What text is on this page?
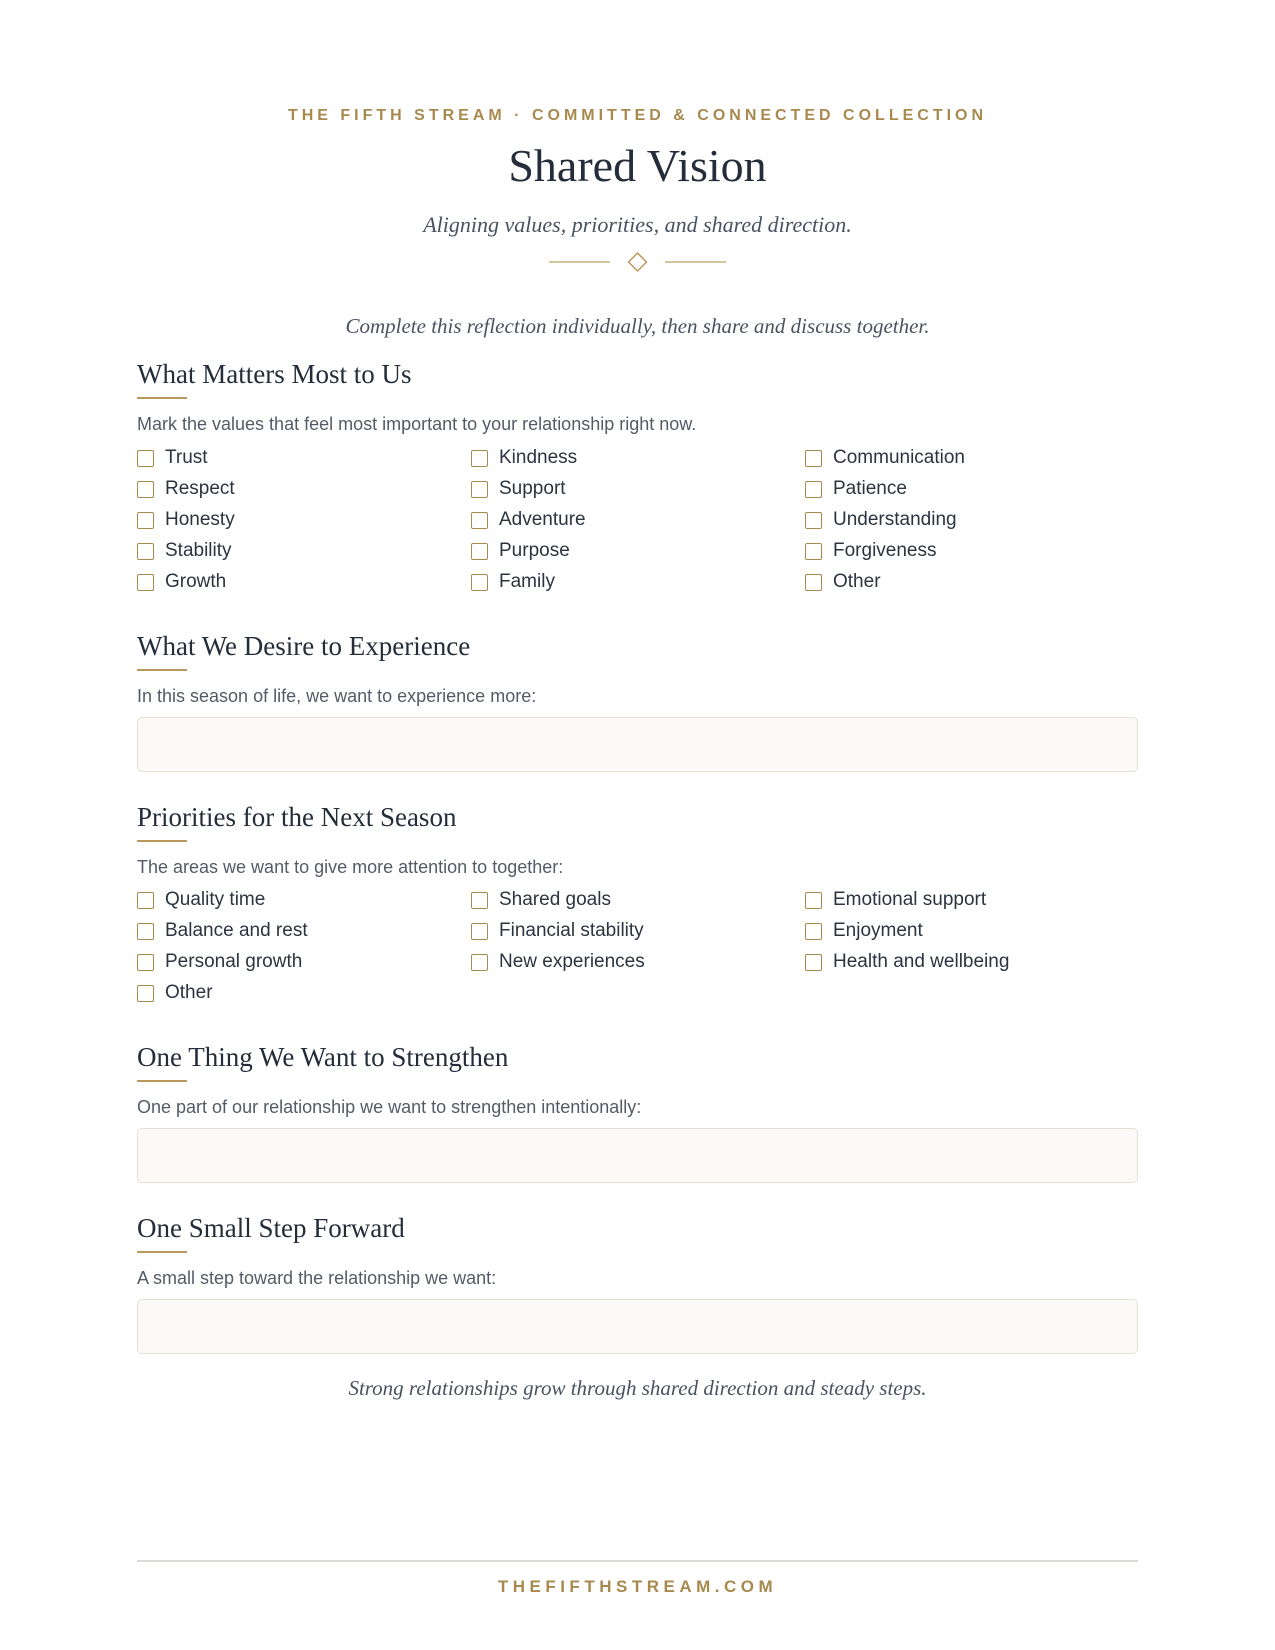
THE FIFTH STREAM · COMMITTED & CONNECTED COLLECTION
Shared Vision
Aligning values, priorities, and shared direction.
Complete this reflection individually, then share and discuss together.
What Matters Most to Us
Mark the values that feel most important to your relationship right now.
Trust	Kindness	Communication
Respect	Support	Patience
Honesty	Adventure	Understanding
Stability	Purpose	Forgiveness
Growth	Family	Other
What We Desire to Experience
In this season of life, we want to experience more:
Priorities for the Next Season
The areas we want to give more attention to together:
Quality time	Shared goals	Emotional support
Balance and rest	Financial stability	Enjoyment
Personal growth	New experiences	Health and wellbeing
Other
One Thing We Want to Strengthen
One part of our relationship we want to strengthen intentionally:
One Small Step Forward
A small step toward the relationship we want:
Strong relationships grow through shared direction and steady steps.
THEFIFTHSTREAM.COM
